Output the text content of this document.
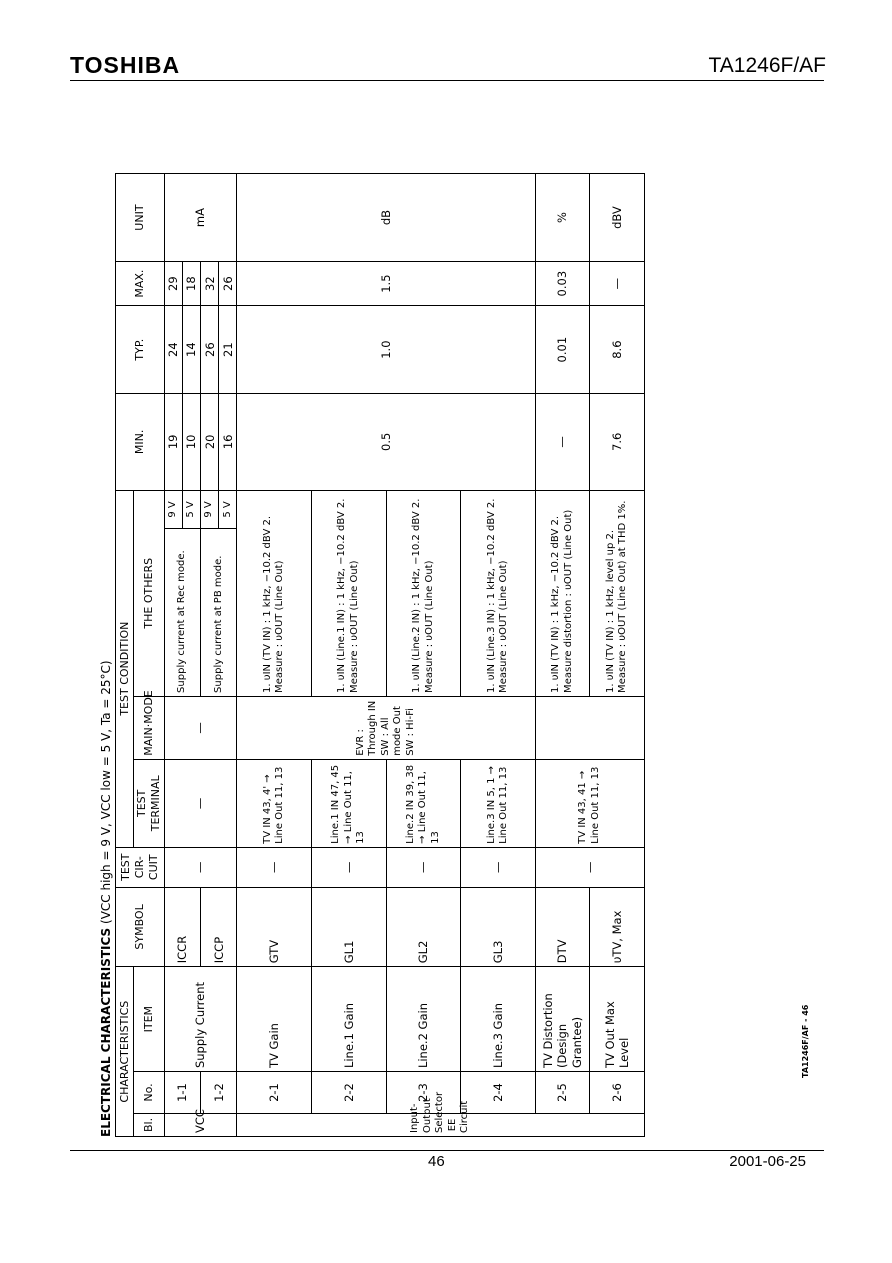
TOSHIBA	TA1246F/AF
46	2001-06-25
TA1246F/AF - 46
ELECTRICAL CHARACTERISTICS (VCC high = 9 V, VCC low = 5 V, Ta = 25°C)
CHARACTERISTICS			SYMBOL	TEST CIR- CUIT	TEST CONDITION				MIN.	TYP.	MAX.	UNIT
Bl.	No.	ITEM			TEST TERMINAL	MAIN·MODE	THE OTHERS					
VCC	1-1	Supply Current	ICCR	—	—	—	Supply current at Rec mode.	9 V	19	24	29	mA
								5 V	10	14	18	
	1-2		ICCP				Supply current at PB mode.	9 V	20	26	32	
								5 V	16	21	26	
Input-Output Selector EE Circuit	2-1	TV Gain	GTV	—	TV IN 43, 4' → Line Out 11, 13	EVR : Through IN SW : All mode Out SW : Hi-Fi	1. υIN (TV IN) : 1 kHz, −10.2 dBV 2. Measure : υOUT (Line Out)		0.5	1.0	1.5	dB
	2-2	Line.1 Gain	GL1	—	Line.1 IN 47, 45 → Line Out 11, 13		1. υIN (Line.1 IN) : 1 kHz, −10.2 dBV 2. Measure : υOUT (Line Out)					
	2-3	Line.2 Gain	GL2	—	Line.2 IN 39, 38 → Line Out 11, 13		1. υIN (Line.2 IN) : 1 kHz, −10.2 dBV 2. Measure : υOUT (Line Out)					
	2-4	Line.3 Gain	GL3	—	Line.3 IN 5, 1 → Line Out 11, 13		1. υIN (Line.3 IN) : 1 kHz, −10.2 dBV 2. Measure : υOUT (Line Out)					
	2-5	TV Distortion (Design Grantee)	DTV	—	TV IN 43, 41 → Line Out 11, 13		1. υIN (TV IN) : 1 kHz, −10.2 dBV 2. Measure distortion : υOUT (Line Out)		—	0.01	0.03	%
	2-6	TV Out Max Level	υTV, Max				1. υIN (TV IN) : 1 kHz, level up 2. Measure : υOUT (Line Out) at THD 1%.		7.6	8.6	—	dBV
